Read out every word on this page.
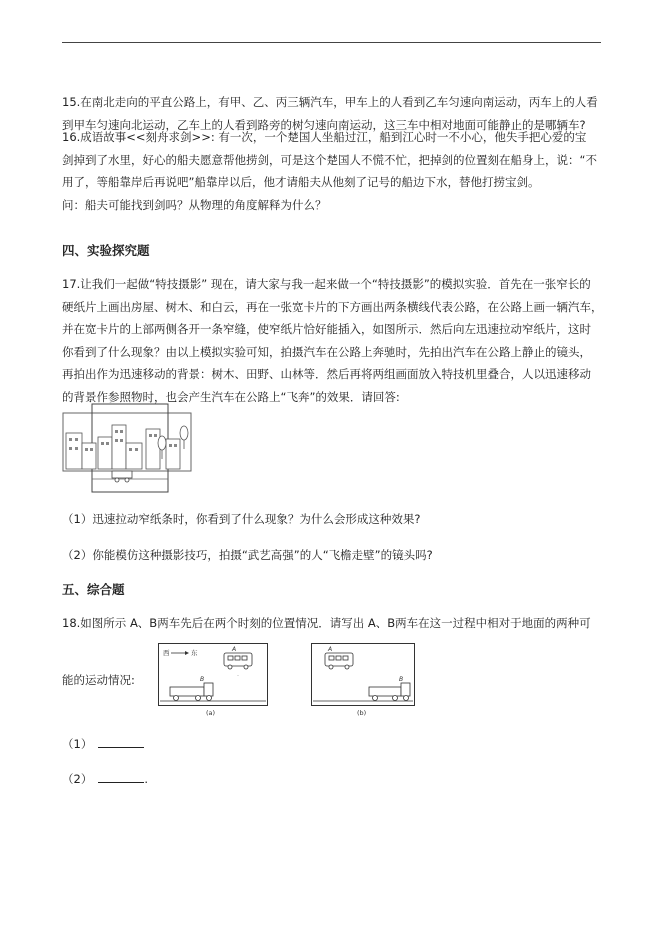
15.在南北走向的平直公路上，有甲、乙、丙三辆汽车，甲车上的人看到乙车匀速向南运动，丙车上的人看
到甲车匀速向北运动，乙车上的人看到路旁的树匀速向南运动，这三车中相对地面可能静止的是哪辆车?
16.成语故事<<刻舟求剑>>: 有一次，一个楚国人坐船过江，船到江心时一不小心，他失手把心爱的宝
剑掉到了水里，好心的船夫愿意帮他捞剑，可是这个楚国人不慌不忙，把掉剑的位置刻在船身上，说：“不
用了，等船靠岸后再说吧”船靠岸以后，他才请船夫从他刻了记号的船边下水，替他打捞宝剑。
问：船夫可能找到剑吗？从物理的角度解释为什么？
四、实验探究题
17.让我们一起做“特技摄影” 现在，请大家与我一起来做一个“特技摄影”的模拟实验．首先在一张窄长的
硬纸片上画出房屋、树木、和白云，再在一张宽卡片的下方画出两条横线代表公路，在公路上画一辆汽车，
并在宽卡片的上部两侧各开一条窄缝，使窄纸片恰好能插入，如图所示．然后向左迅速拉动窄纸片，这时
你看到了什么现象？由以上模拟实验可知，拍摄汽车在公路上奔驰时，先拍出汽车在公路上静止的镜头，
再拍出作为迅速移动的背景：树木、田野、山林等．然后再将两组画面放入特技机里叠合，人以迅速移动
的背景作参照物时，也会产生汽车在公路上“飞奔”的效果．请回答:
（1）迅速拉动窄纸条时，你看到了什么现象？为什么会形成这种效果?
（2）你能模仿这种摄影技巧，拍摄“武艺高强”的人“飞檐走壁”的镜头吗?
五、综合题
18.如图所示 A、B两车先后在两个时刻的位置情况．请写出 A、B两车在这一过程中相对于地面的两种可
能的运动情况:
西	东	A
B
(a)
A
B
(b)
（1）
（2）	.
